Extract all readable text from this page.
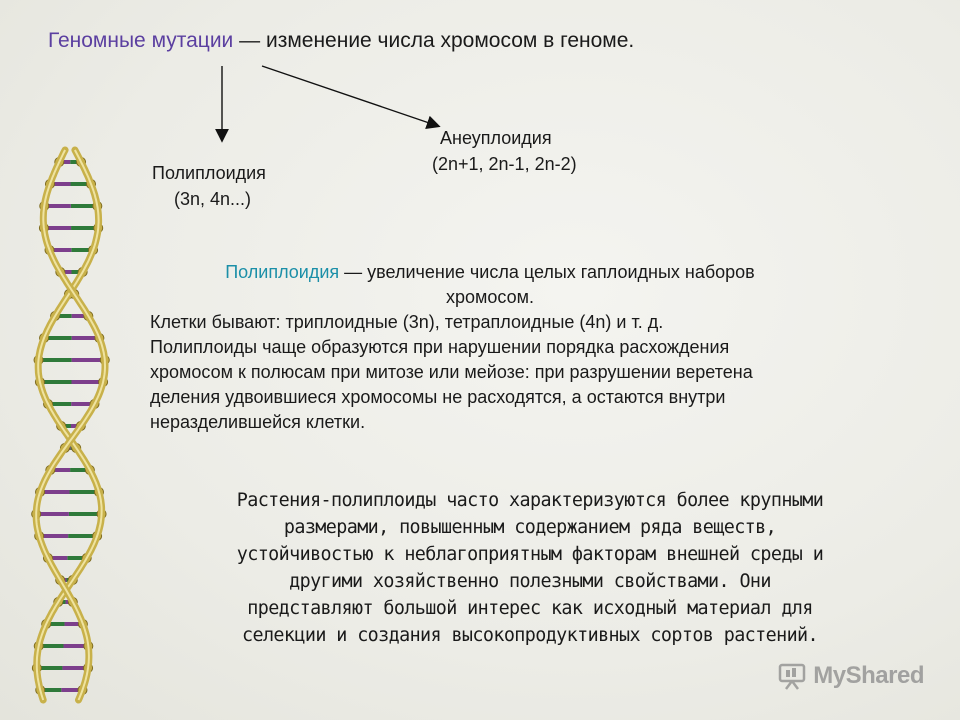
Геномные мутации — изменение числа хромосом в геноме.
Полиплоидия
(3n, 4n...)
Анеуплоидия
(2n+1, 2n-1, 2n-2)
Полиплоидия — увеличение числа целых гаплоидных наборов
хромосом.

Клетки бывают: триплоидные (3n), тетраплоидные (4n) и т. д.

Полиплоиды чаще образуются при нарушении порядка расхождения

хромосом к полюсам при митозе или мейозе: при разрушении веретена

деления удвоившиеся хромосомы не расходятся, а остаются внутри

неразделившейся клетки.

Растения-полиплоиды часто характеризуются более крупными
размерами, повышенным содержанием ряда веществ,
устойчивостью к неблагоприятным факторам внешней среды и
другими хозяйственно полезными свойствами. Они
представляют большой интерес как исходный материал для
селекции и создания высокопродуктивных сортов растений.
MyShared
